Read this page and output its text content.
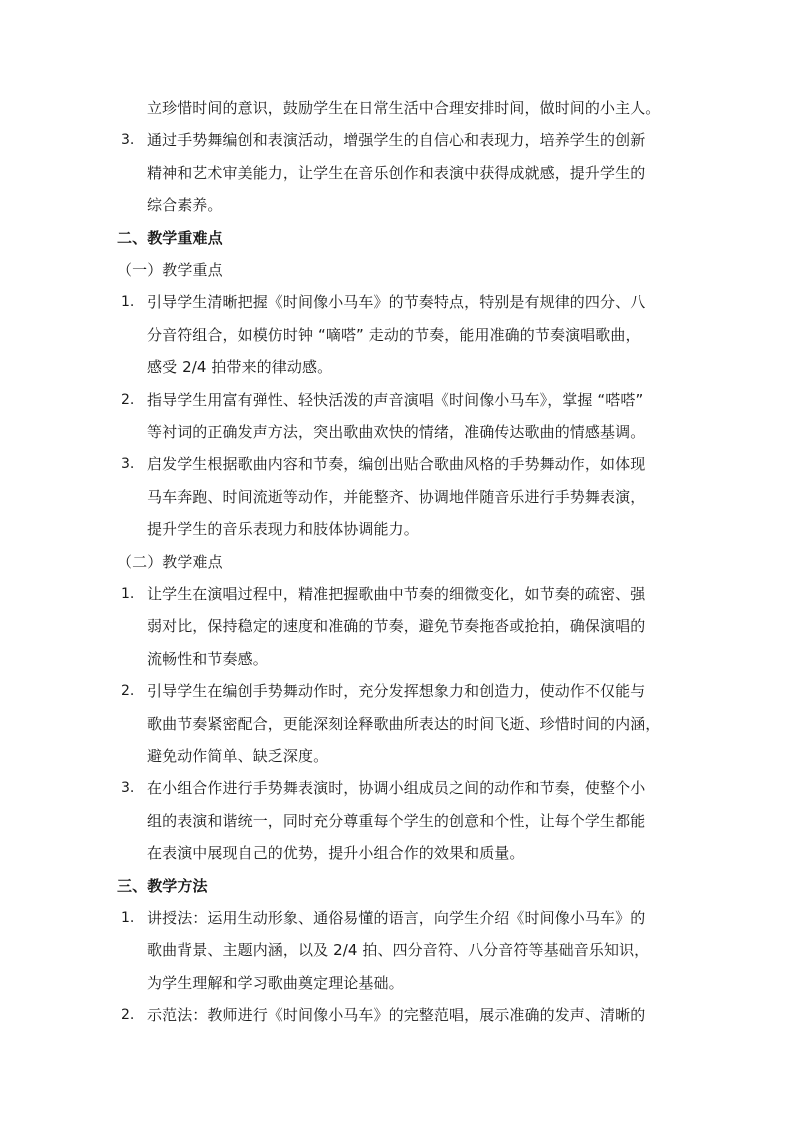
立珍惜时间的意识，鼓励学生在日常生活中合理安排时间，做时间的小主人。
3. 通过手势舞编创和表演活动，增强学生的自信心和表现力，培养学生的创新
精神和艺术审美能力，让学生在音乐创作和表演中获得成就感，提升学生的
综合素养。
二、教学重难点
（一）教学重点
1. 引导学生清晰把握《时间像小马车》的节奏特点，特别是有规律的四分、八
分音符组合，如模仿时钟 “嘀嗒” 走动的节奏，能用准确的节奏演唱歌曲，
感受 2/4 拍带来的律动感。
2. 指导学生用富有弹性、轻快活泼的声音演唱《时间像小马车》，掌握 “嗒嗒”
等衬词的正确发声方法，突出歌曲欢快的情绪，准确传达歌曲的情感基调。
3. 启发学生根据歌曲内容和节奏，编创出贴合歌曲风格的手势舞动作，如体现
马车奔跑、时间流逝等动作，并能整齐、协调地伴随音乐进行手势舞表演，
提升学生的音乐表现力和肢体协调能力。
（二）教学难点
1. 让学生在演唱过程中，精准把握歌曲中节奏的细微变化，如节奏的疏密、强
弱对比，保持稳定的速度和准确的节奏，避免节奏拖沓或抢拍，确保演唱的
流畅性和节奏感。
2. 引导学生在编创手势舞动作时，充分发挥想象力和创造力，使动作不仅能与
歌曲节奏紧密配合，更能深刻诠释歌曲所表达的时间飞逝、珍惜时间的内涵，
避免动作简单、缺乏深度。
3. 在小组合作进行手势舞表演时，协调小组成员之间的动作和节奏，使整个小
组的表演和谐统一，同时充分尊重每个学生的创意和个性，让每个学生都能
在表演中展现自己的优势，提升小组合作的效果和质量。
三、教学方法
1. 讲授法：运用生动形象、通俗易懂的语言，向学生介绍《时间像小马车》的
歌曲背景、主题内涵，以及 2/4 拍、四分音符、八分音符等基础音乐知识，
为学生理解和学习歌曲奠定理论基础。
2. 示范法：教师进行《时间像小马车》的完整范唱，展示准确的发声、清晰的
